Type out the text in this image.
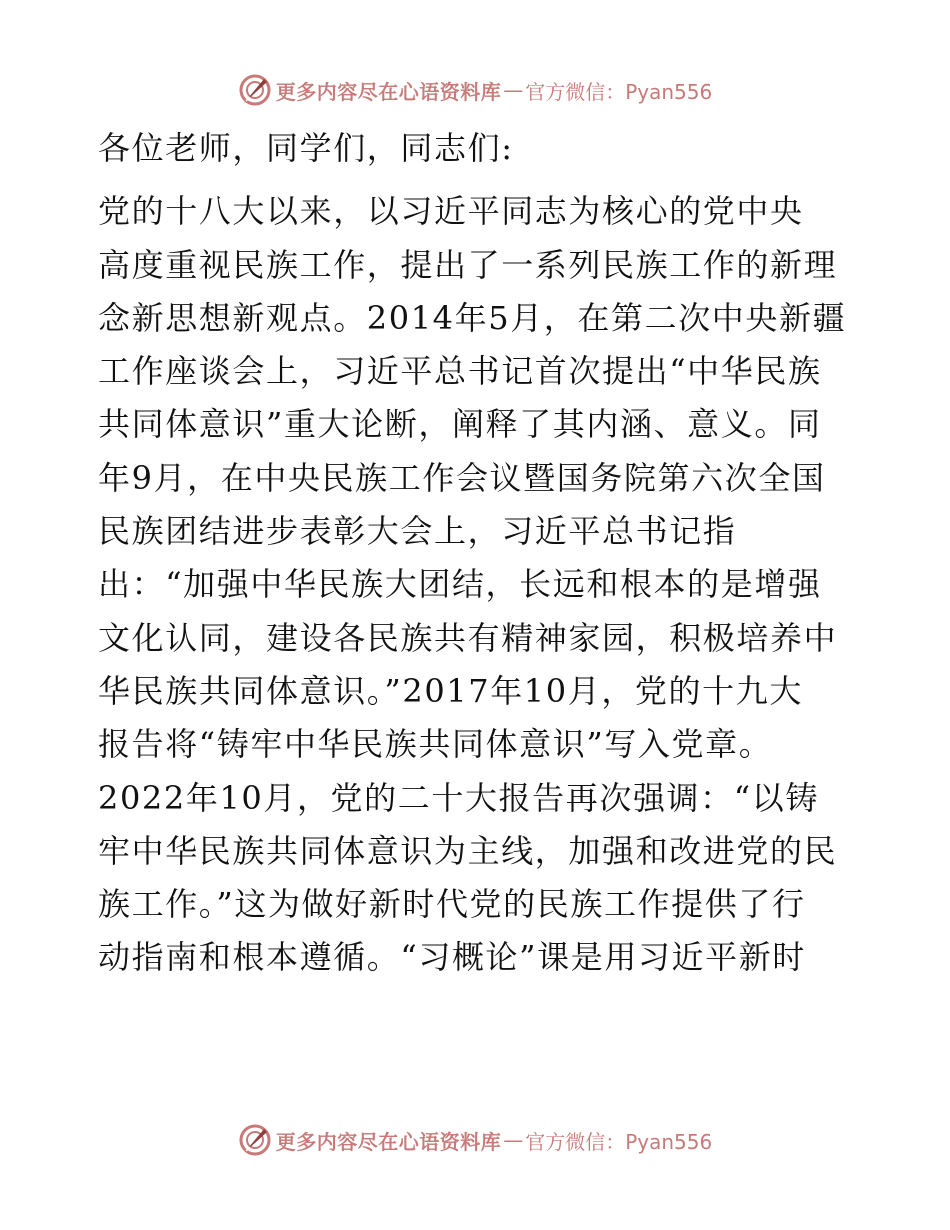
更多内容尽在心语资料库 — 官方微信：Pyan556
各位老师，同学们，同志们:
党的十八大以来，以习近平同志为核心的党中央
高度重视民族工作，提出了一系列民族工作的新理
念新思想新观点。2014年5月，在第二次中央新疆
工作座谈会上，习近平总书记首次提出“中华民族
共同体意识”重大论断，阐释了其内涵、意义。同
年9月，在中央民族工作会议暨国务院第六次全国
民族团结进步表彰大会上，习近平总书记指
出：“加强中华民族大团结，长远和根本的是增强
文化认同，建设各民族共有精神家园，积极培养中
华民族共同体意识。”2017年10月，党的十九大
报告将“铸牢中华民族共同体意识”写入党章。
2022年10月，党的二十大报告再次强调：“以铸
牢中华民族共同体意识为主线，加强和改进党的民
族工作。”这为做好新时代党的民族工作提供了行
动指南和根本遵循。“习概论”课是用习近平新时
更多内容尽在心语资料库 — 官方微信：Pyan556
